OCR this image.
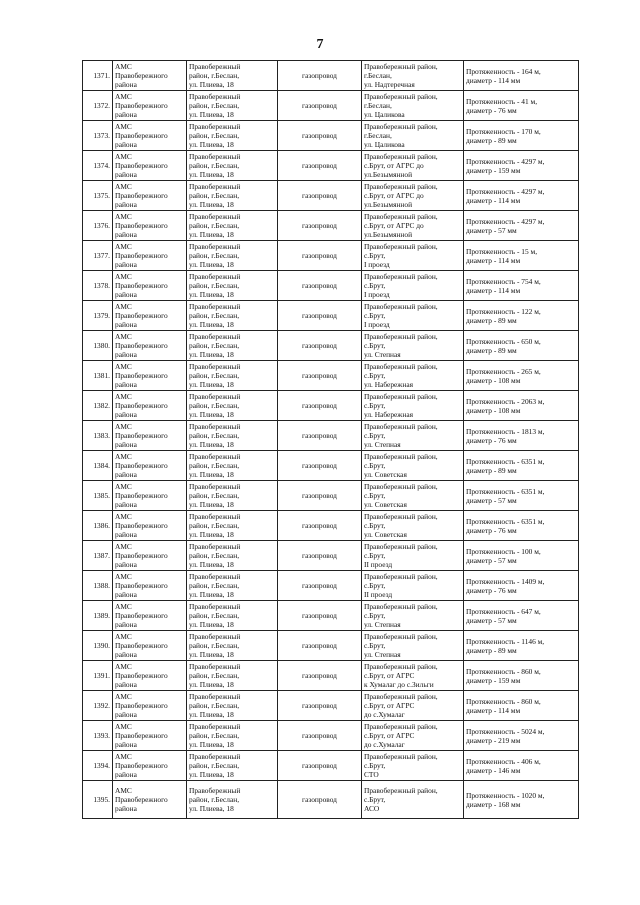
7
1371.	АМС
Правобережного
района	Правобережный
район, г.Беслан,
ул. Плиева, 18	газопровод	Правобережный район,
г.Беслан,
ул. Надтеречная	Протяженность - 164 м,
диаметр - 114 мм

1372.	АМС
Правобережного
района	Правобережный
район, г.Беслан,
ул. Плиева, 18	газопровод	Правобережный район,
г.Беслан,
ул. Цаликова	Протяженность - 41 м,
диаметр - 76 мм

1373.	АМС
Правобережного
района	Правобережный
район, г.Беслан,
ул. Плиева, 18	газопровод	Правобережный район,
г.Беслан,
ул. Цаликова	Протяженность - 170 м,
диаметр - 89 мм

1374.	АМС
Правобережного
района	Правобережный
район, г.Беслан,
ул. Плиева, 18	газопровод	Правобережный район,
с.Брут, от АГРС до
ул.Безымянной	Протяженность - 4297 м,
диаметр - 159 мм

1375.	АМС
Правобережного
района	Правобережный
район, г.Беслан,
ул. Плиева, 18	газопровод	Правобережный район,
с.Брут, от АГРС до
ул.Безымянной	Протяженность - 4297 м,
диаметр - 114 мм

1376.	АМС
Правобережного
района	Правобережный
район, г.Беслан,
ул. Плиева, 18	газопровод	Правобережный район,
с.Брут, от АГРС до
ул.Безымянной	Протяженность - 4297 м,
диаметр - 57 мм

1377.	АМС
Правобережного
района	Правобережный
район, г.Беслан,
ул. Плиева, 18	газопровод	Правобережный район,
с.Брут,
I проезд	Протяженность - 15 м,
диаметр - 114 мм

1378.	АМС
Правобережного
района	Правобережный
район, г.Беслан,
ул. Плиева, 18	газопровод	Правобережный район,
с.Брут,
I проезд	Протяженность - 754 м,
диаметр - 114 мм

1379.	АМС
Правобережного
района	Правобережный
район, г.Беслан,
ул. Плиева, 18	газопровод	Правобережный район,
с.Брут,
I проезд	Протяженность - 122 м,
диаметр - 89 мм

1380.	АМС
Правобережного
района	Правобережный
район, г.Беслан,
ул. Плиева, 18	газопровод	Правобережный район,
с.Брут,
ул. Степная	Протяженность - 650 м,
диаметр - 89 мм

1381.	АМС
Правобережного
района	Правобережный
район, г.Беслан,
ул. Плиева, 18	газопровод	Правобережный район,
с.Брут,
ул. Набережная	Протяженность - 265 м,
диаметр - 108 мм

1382.	АМС
Правобережного
района	Правобережный
район, г.Беслан,
ул. Плиева, 18	газопровод	Правобережный район,
с.Брут,
ул. Набережная	Протяженность - 2063 м,
диаметр - 108 мм

1383.	АМС
Правобережного
района	Правобережный
район, г.Беслан,
ул. Плиева, 18	газопровод	Правобережный район,
с.Брут,
ул. Степная	Протяженность - 1813 м,
диаметр - 76 мм

1384.	АМС
Правобережного
района	Правобережный
район, г.Беслан,
ул. Плиева, 18	газопровод	Правобережный район,
с.Брут,
ул. Советская	Протяженность - 6351 м,
диаметр - 89 мм

1385.	АМС
Правобережного
района	Правобережный
район, г.Беслан,
ул. Плиева, 18	газопровод	Правобережный район,
с.Брут,
ул. Советская	Протяженность - 6351 м,
диаметр - 57 мм

1386.	АМС
Правобережного
района	Правобережный
район, г.Беслан,
ул. Плиева, 18	газопровод	Правобережный район,
с.Брут,
ул. Советская	Протяженность - 6351 м,
диаметр - 76 мм

1387.	АМС
Правобережного
района	Правобережный
район, г.Беслан,
ул. Плиева, 18	газопровод	Правобережный район,
с.Брут,
II проезд	Протяженность - 100 м,
диаметр - 57 мм

1388.	АМС
Правобережного
района	Правобережный
район, г.Беслан,
ул. Плиева, 18	газопровод	Правобережный район,
с.Брут,
II проезд	Протяженность - 1409 м,
диаметр - 76 мм

1389.	АМС
Правобережного
района	Правобережный
район, г.Беслан,
ул. Плиева, 18	газопровод	Правобережный район,
с.Брут,
ул. Степная	Протяженность - 647 м,
диаметр - 57 мм

1390.	АМС
Правобережного
района	Правобережный
район, г.Беслан,
ул. Плиева, 18	газопровод	Правобережный район,
с.Брут,
ул. Степная	Протяженность - 1146 м,
диаметр - 89 мм

1391.	АМС
Правобережного
района	Правобережный
район, г.Беслан,
ул. Плиева, 18	газопровод	Правобережный район,
с.Брут, от АГРС
к Хумалаг до с.Зильги	Протяженность - 860 м,
диаметр - 159 мм

1392.	АМС
Правобережного
района	Правобережный
район, г.Беслан,
ул. Плиева, 18	газопровод	Правобережный район,
с.Брут, от АГРС
до с.Хумалаг	Протяженность - 860 м,
диаметр - 114 мм

1393.	АМС
Правобережного
района	Правобережный
район, г.Беслан,
ул. Плиева, 18	газопровод	Правобережный район,
с.Брут, от АГРС
до с.Хумалаг	Протяженность - 5024 м,
диаметр - 219 мм

1394.	АМС
Правобережного
района	Правобережный
район, г.Беслан,
ул. Плиева, 18	газопровод	Правобережный район,
с.Брут,
СТО	Протяженность - 406 м,
диаметр - 146 мм

1395.	АМС
Правобережного
района	Правобережный
район, г.Беслан,
ул. Плиева, 18	газопровод	Правобережный район,
с.Брут,
АСО	Протяженность - 1020 м,
диаметр - 168 мм
